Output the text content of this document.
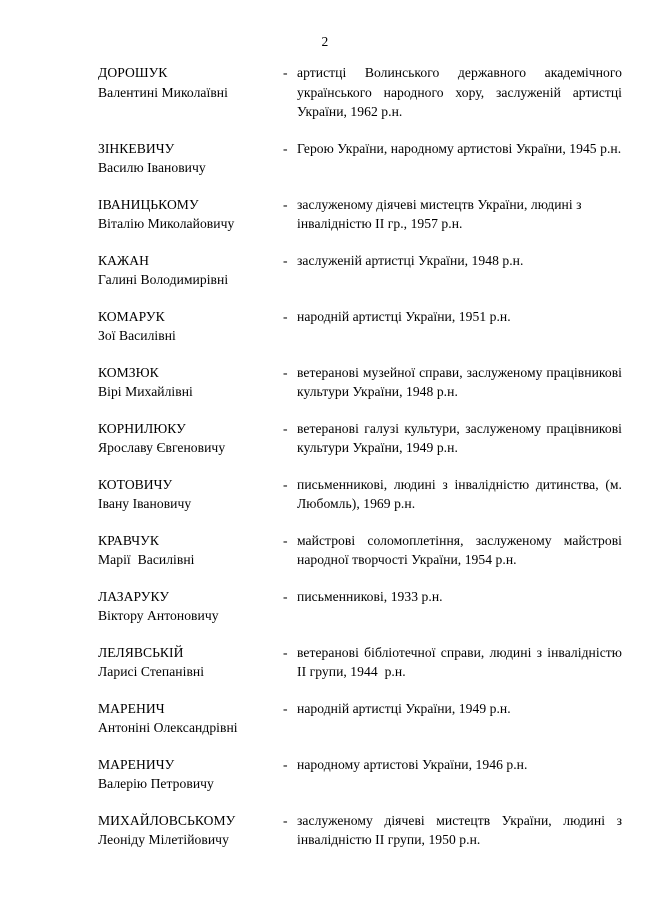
2
ДОРОШУК
Валентині Миколаївні
- артистці Волинського державного академічного  українського народного хору, заслуженій артистці України, 1962 р.н.
ЗІНКЕВИЧУ
Василю Івановичу
- Герою України, народному артистові України, 1945 р.н.
ІВАНИЦЬКОМУ
Віталію Миколайовичу
- заслуженому діячеві мистецтв України, людині з інвалідністю II гр., 1957 р.н.
КАЖАН
Галині Володимирівні
- заслуженій артистці України, 1948 р.н.
КОМАРУК
Зої Василівні
- народній артистці України, 1951 р.н.
КОМЗЮК
Вірі Михайлівні
- ветеранові музейної справи, заслуженому працівникові культури України, 1948 р.н.
КОРНИЛЮКУ
Ярославу Євгеновичу
- ветеранові галузі культури, заслуженому працівникові культури України, 1949 р.н.
КОТОВИЧУ
Івану Івановичу
- письменникові, людині з інвалідністю дитинства, (м. Любомль), 1969 р.н.
КРАВЧУК
Марії  Василівні
- майстрові соломоплетіння, заслуженому майстрові народної творчості України, 1954 р.н.
ЛАЗАРУКУ
Віктору Антоновичу
- письменникові, 1933 р.н.
ЛЕЛЯВСЬКІЙ
Ларисі Степанівні
- ветеранові бібліотечної справи, людині з інвалідністю II групи, 1944  р.н.
МАРЕНИЧ
Антоніні Олександрівні
- народній артистці України, 1949 р.н.
МАРЕНИЧУ
Валерію Петровичу
- народному артистові України, 1946 р.н.
МИХАЙЛОВСЬКОМУ
Леоніду Мілетійовичу
- заслуженому діячеві мистецтв України, людині з інвалідністю II групи, 1950 р.н.
